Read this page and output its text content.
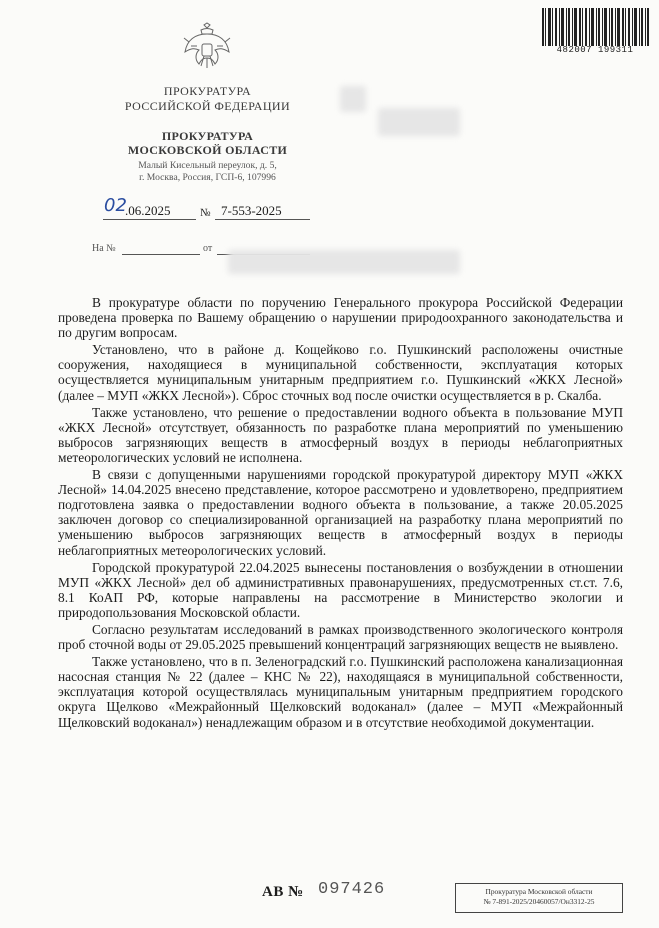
482007 199311
ПРОКУРАТУРА
РОССИЙСКОЙ ФЕДЕРАЦИИ
ПРОКУРАТУРА
МОСКОВСКОЙ ОБЛАСТИ
Малый Кисельный переулок, д. 5,
г. Москва, Россия, ГСП-6, 107996
02
.06.2025	№ 7-553-2025
На №	от

В прокуратуре области по поручению Генерального прокурора Российской Федерации проведена проверка по Вашему обращению о нарушении природоохранного законодательства и по другим вопросам.

Установлено, что в районе д. Кощейково г.о. Пушкинский расположены очистные сооружения, находящиеся в муниципальной собственности, эксплуатация которых осуществляется муниципальным унитарным предприятием г.о. Пушкинский «ЖКХ Лесной» (далее – МУП «ЖКХ Лесной»). Сброс сточных вод после очистки осуществляется в р. Скалба.

Также установлено, что решение о предоставлении водного объекта в пользование МУП «ЖКХ Лесной» отсутствует, обязанность по разработке плана мероприятий по уменьшению выбросов загрязняющих веществ в атмосферный воздух в периоды неблагоприятных метеорологических условий не исполнена.

В связи с допущенными нарушениями городской прокуратурой директору МУП «ЖКХ Лесной» 14.04.2025 внесено представление, которое рассмотрено и удовлетворено, предприятием подготовлена заявка о предоставлении водного объекта в пользование, а также 20.05.2025 заключен договор со специализированной организацией на разработку плана мероприятий по уменьшению выбросов загрязняющих веществ в атмосферный воздух в периоды неблагоприятных метеорологических условий.

Городской прокуратурой 22.04.2025 вынесены постановления о возбуждении в отношении МУП «ЖКХ Лесной» дел об административных правонарушениях, предусмотренных ст.ст. 7.6, 8.1 КоАП РФ, которые направлены на рассмотрение в Министерство экологии и природопользования Московской области.

Согласно результатам исследований в рамках производственного экологического контроля проб сточной воды от 29.05.2025 превышений концентраций загрязняющих веществ не выявлено.

Также установлено, что в п. Зеленоградский г.о. Пушкинский расположена канализационная насосная станция № 22 (далее – КНС № 22), находящаяся в муниципальной собственности, эксплуатация которой осуществлялась муниципальным унитарным предприятием городского округа Щелково «Межрайонный Щелковский водоканал» (далее – МУП «Межрайонный Щелковский водоканал») ненадлежащим образом и в отсутствие необходимой документации.

АВ № 097426	Прокуратура Московской области
№ 7-891-2025/20460057/Он3312-25
